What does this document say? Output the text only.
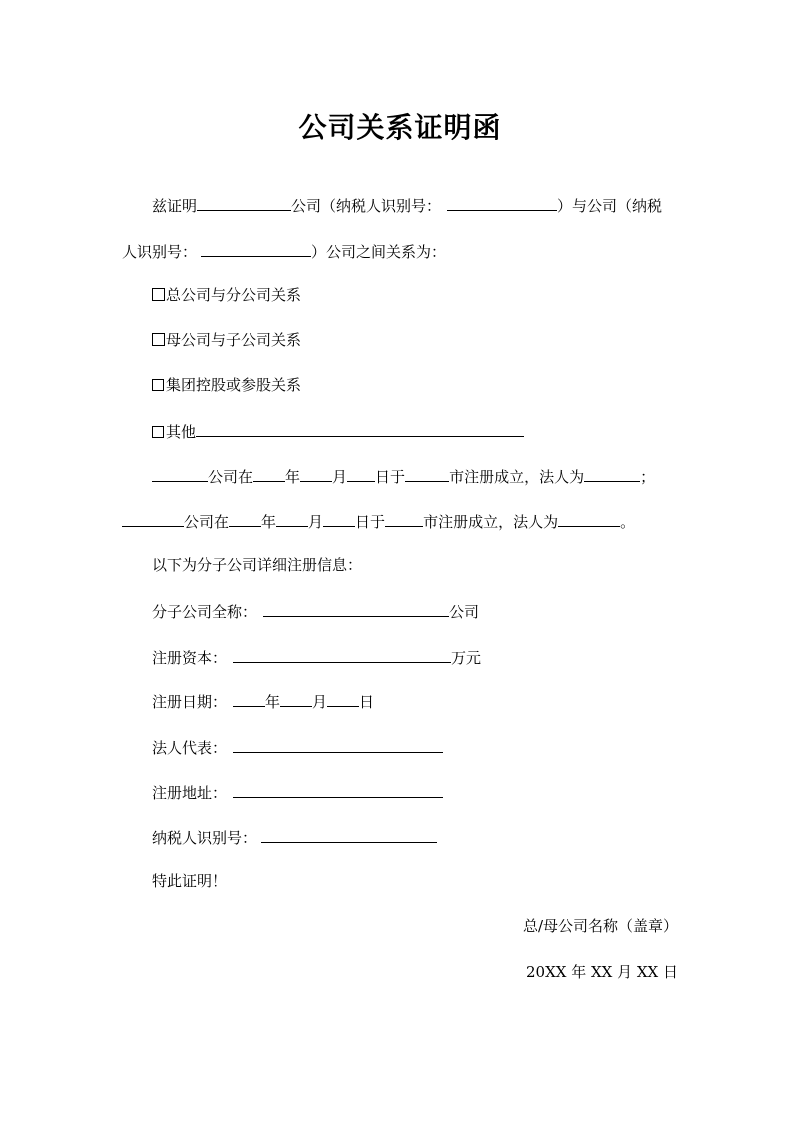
公司关系证明函
兹证明	公司（纳税人识别号：	）与公司（纳税
人识别号：	）公司之间关系为：
总公司与分公司关系
母公司与子公司关系
集团控股或参股关系
其他
公司在 年 月 日于	市注册成立，法人为	；
公司在 年 月 日于	市注册成立，法人为	。
以下为分子公司详细注册信息：
分子公司全称：	公司
注册资本：	万元
注册日期：	年 月 日
法人代表：
注册地址：
纳税人识别号：
特此证明！
总/母公司名称（盖章）
20XX 年 XX 月 XX 日
